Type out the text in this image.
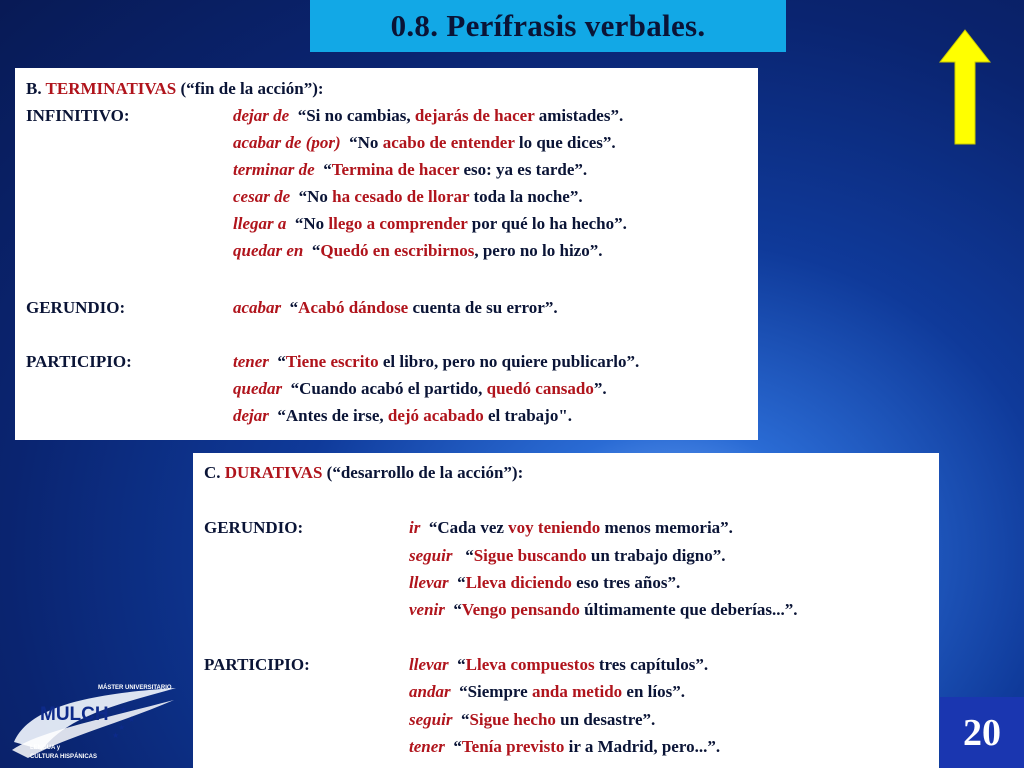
0.8. Perífrasis verbales.
B. TERMINATIVAS (“fin de la acción”):
INFINITIVO:
GERUNDIO:
PARTICIPIO:
dejar de “Si no cambias, dejarás de hacer amistades”.
acabar de (por) “No acabo de entender lo que dices”.
terminar de “Termina de hacer eso: ya es tarde”.
cesar de “No ha cesado de llorar toda la noche”.
llegar a “No llego a comprender por qué lo ha hecho”.
quedar en “Quedó en escribirnos, pero no lo hizo”.
acabar “Acabó dándose cuenta de su error”.
tener “Tiene escrito el libro, pero no quiere publicarlo”.
quedar “Cuando acabó el partido, quedó cansado”.
dejar “Antes de irse, dejó acabado el trabajo".
C. DURATIVAS (“desarrollo de la acción”):
GERUNDIO:
PARTICIPIO:
ir “Cada vez voy teniendo menos memoria”.
seguir   “Sigue buscando un trabajo digno”.
llevar “Lleva diciendo eso tres años”.
venir “Vengo pensando últimamente que deberías...”.
llevar “Lleva compuestos tres capítulos”.
andar “Siempre anda metido en líos”.
seguir “Sigue hecho un desastre”.
tener “Tenía previsto ir a Madrid, pero...”.	20
MÁSTER UNIVERSITARIO
MULCH ★
★
★
★
LENGUA y
CULTURA HISPÁNICAS
